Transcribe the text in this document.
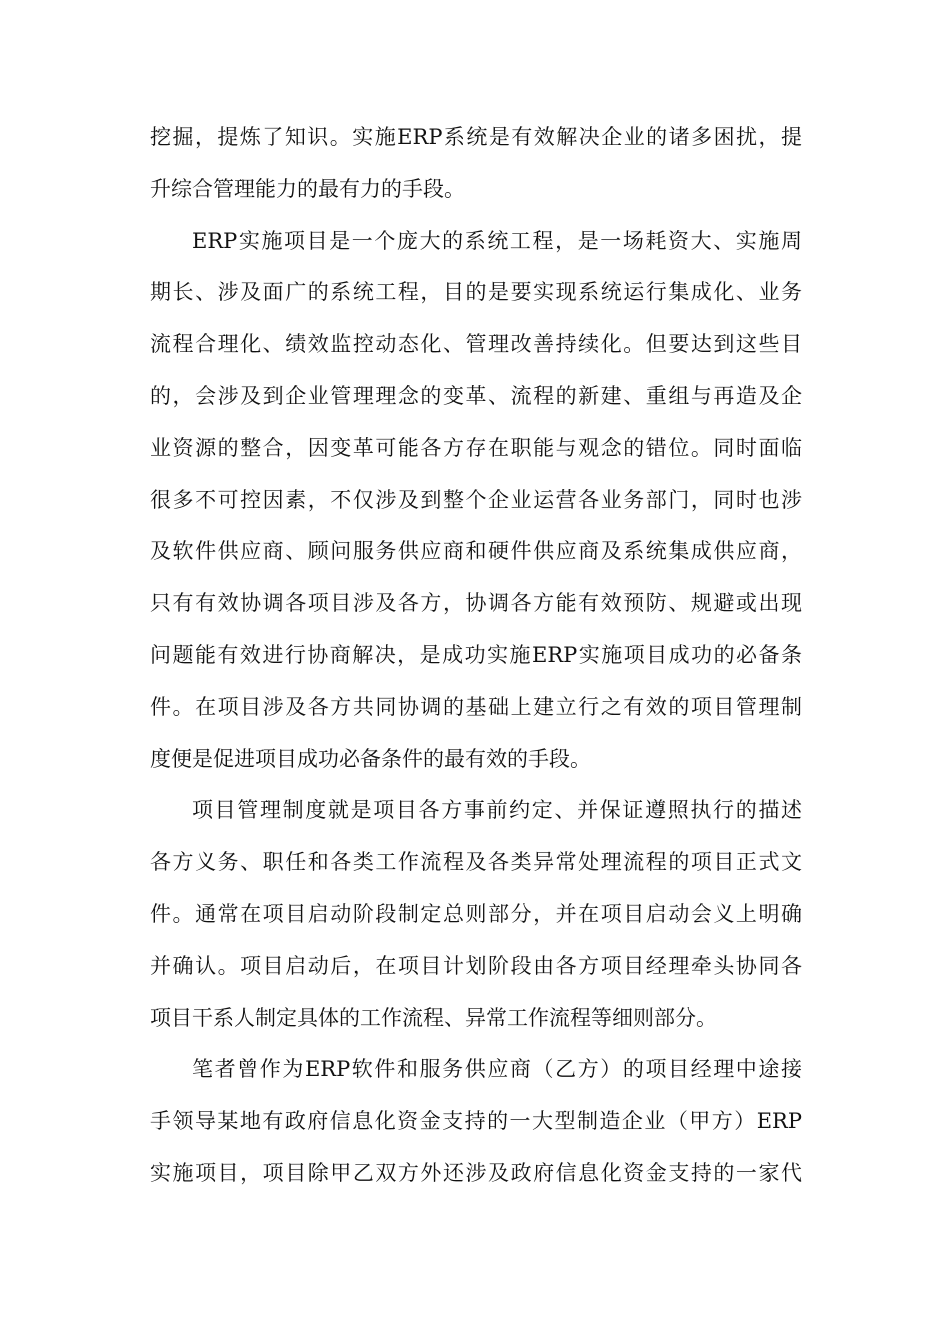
挖掘，提炼了知识。实施ERP系统是有效解决企业的诸多困扰，提
升综合管理能力的最有力的手段。
ERP实施项目是一个庞大的系统工程，是一场耗资大、实施周
期长、涉及面广的系统工程，目的是要实现系统运行集成化、业务
流程合理化、绩效监控动态化、管理改善持续化。但要达到这些目
的，会涉及到企业管理理念的变革、流程的新建、重组与再造及企
业资源的整合，因变革可能各方存在职能与观念的错位。同时面临
很多不可控因素，不仅涉及到整个企业运营各业务部门，同时也涉
及软件供应商、顾问服务供应商和硬件供应商及系统集成供应商，
只有有效协调各项目涉及各方，协调各方能有效预防、规避或出现
问题能有效进行协商解决，是成功实施ERP实施项目成功的必备条
件。在项目涉及各方共同协调的基础上建立行之有效的项目管理制
度便是促进项目成功必备条件的最有效的手段。
项目管理制度就是项目各方事前约定、并保证遵照执行的描述
各方义务、职任和各类工作流程及各类异常处理流程的项目正式文
件。通常在项目启动阶段制定总则部分，并在项目启动会义上明确
并确认。项目启动后，在项目计划阶段由各方项目经理牵头协同各
项目干系人制定具体的工作流程、异常工作流程等细则部分。
笔者曾作为ERP软件和服务供应商（乙方）的项目经理中途接
手领导某地有政府信息化资金支持的一大型制造企业（甲方）ERP
实施项目，项目除甲乙双方外还涉及政府信息化资金支持的一家代
